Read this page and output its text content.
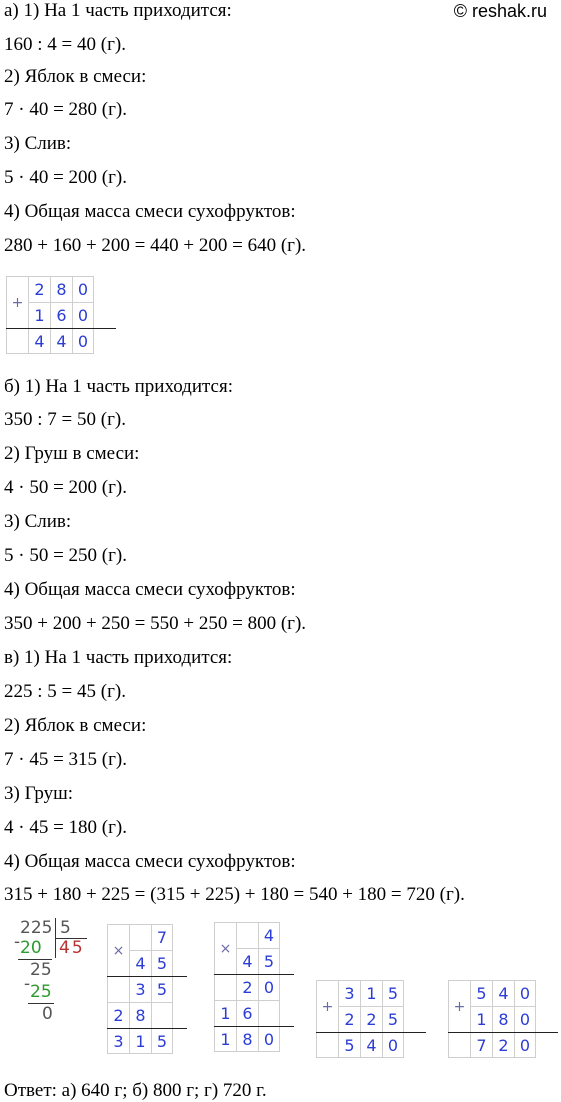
© reshak.ru
а) 1) На 1 часть приходится:
160 : 4 = 40 (г).
2) Яблок в смеси:
7 · 40 = 280 (г).
3) Слив:
5 · 40 = 200 (г).
4) Общая масса смеси сухофруктов:
280 + 160 + 200 = 440 + 200 = 640 (г).
б) 1) На 1 часть приходится:
350 : 7 = 50 (г).
2) Груш в смеси:
4 · 50 = 200 (г).
3) Слив:
5 · 50 = 250 (г).
4) Общая масса смеси сухофруктов:
350 + 200 + 250 = 550 + 250 = 800 (г).
в) 1) На 1 часть приходится:
225 : 5 = 45 (г).
2) Яблок в смеси:
7 · 45 = 315 (г).
3) Груш:
4 · 45 = 180 (г).
4) Общая масса смеси сухофруктов:
315 + 180 + 225 = (315 + 225) + 180 = 540 + 180 = 720 (г).
Ответ: а) 640 г; б) 800 г; г) 720 г.
+
2 8 0
1 6 0
4 4 0
-
225 5
20 45
25
- 25
0
×
7
4 5
3 5
2 8
3 1 5
×
4
4 5
2 0
1 6
1 8 0
+
3 1 5
2 2 5
5 4 0
+
5 4 0
1 8 0
7 2 0
